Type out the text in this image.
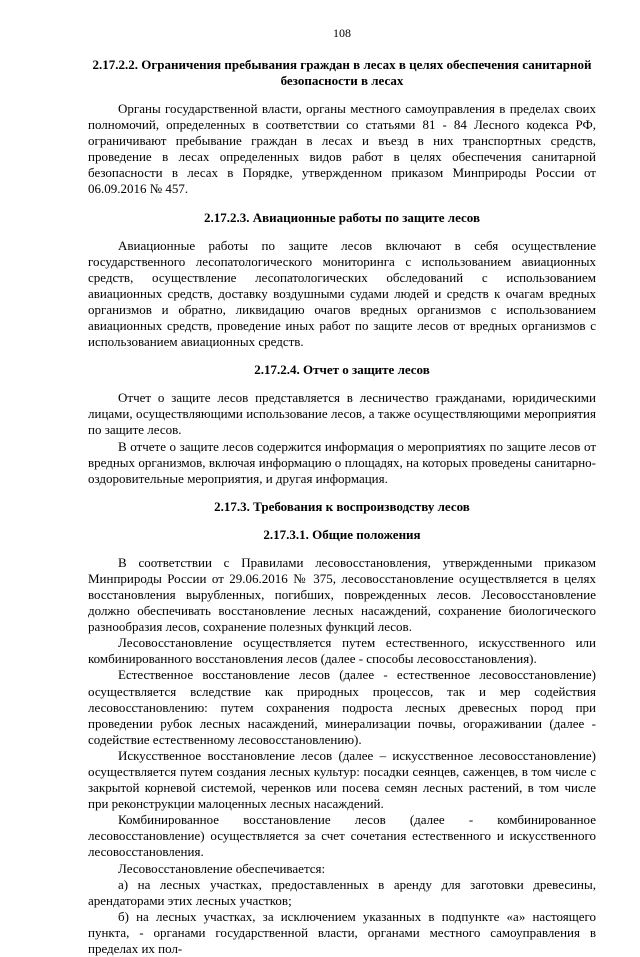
108
2.17.2.2. Ограничения пребывания граждан в лесах в целях обеспечения санитарной безопасности в лесах

Органы государственной власти, органы местного самоуправления в пределах своих полномочий, определенных в соответствии со статьями 81 - 84 Лесного кодекса РФ, ограничивают пребывание граждан в лесах и въезд в них транспортных средств, проведение в лесах определенных видов работ в целях обеспечения санитарной безопасности в лесах в Порядке, утвержденном приказом Минприроды России от 06.09.2016 № 457.

2.17.2.3. Авиационные работы по защите лесов

Авиационные работы по защите лесов включают в себя осуществление государственного лесопатологического мониторинга с использованием авиационных средств, осуществление лесопатологических обследований с использованием авиационных средств, доставку воздушными судами людей и средств к очагам вредных организмов и обратно, ликвидацию очагов вредных организмов с использованием авиационных средств, проведение иных работ по защите лесов от вредных организмов с использованием авиационных средств.

2.17.2.4. Отчет о защите лесов

Отчет о защите лесов представляется в лесничество гражданами, юридическими лицами, осуществляющими использование лесов, а также осуществляющими мероприятия по защите лесов.

В отчете о защите лесов содержится информация о мероприятиях по защите лесов от вредных организмов, включая информацию о площадях, на которых проведены санитарно-оздоровительные мероприятия, и другая информация.

2.17.3. Требования к воспроизводству лесов
2.17.3.1. Общие положения

В соответствии с Правилами лесовосстановления, утвержденными приказом Минприроды России от 29.06.2016 № 375, лесовосстановление осуществляется в целях восстановления вырубленных, погибших, поврежденных лесов. Лесовосстановление должно обеспечивать восстановление лесных насаждений, сохранение биологического разнообразия лесов, сохранение полезных функций лесов.

Лесовосстановление осуществляется путем естественного, искусственного или комбинированного восстановления лесов (далее - способы лесовосстановления).

Естественное восстановление лесов (далее - естественное лесовосстановление) осуществляется вследствие как природных процессов, так и мер содействия лесовосстановлению: путем сохранения подроста лесных древесных пород при проведении рубок лесных насаждений, минерализации почвы, огораживании (далее - содействие естественному лесовосстановлению).

Искусственное восстановление лесов (далее – искусственное лесовосстановление) осуществляется путем создания лесных культур: посадки сеянцев, саженцев, в том числе с закрытой корневой системой, черенков или посева семян лесных растений, в том числе при реконструкции малоценных лесных насаждений.

Комбинированное восстановление лесов (далее - комбинированное лесовосстановление) осуществляется за счет сочетания естественного и искусственного лесовосстановления.

Лесовосстановление обеспечивается:

а) на лесных участках, предоставленных в аренду для заготовки древесины, арендаторами этих лесных участков;

б) на лесных участках, за исключением указанных в подпункте «а» настоящего пункта, - органами государственной власти, органами местного самоуправления в пределах их пол-
